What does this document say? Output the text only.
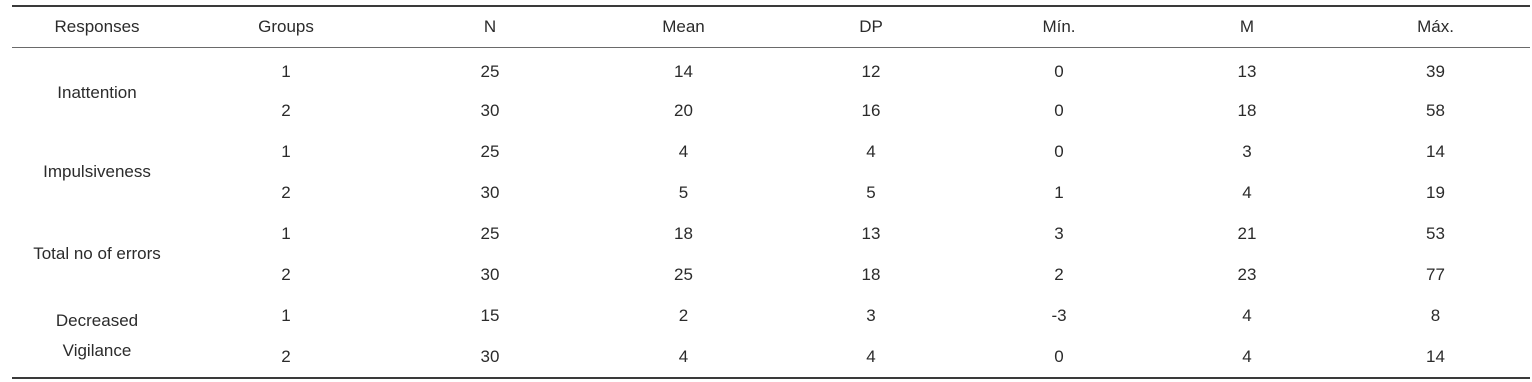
Responses	Groups	N	Mean	DP	Mín.	M	Máx.
Inattention	1	25	14	12	0	13	39
	2	30	20	16	0	18	58
Impulsiveness	1	25	4	4	0	3	14
	2	30	5	5	1	4	19
Total no of errors	1	25	18	13	3	21	53
	2	30	25	18	2	23	77
Decreased Vigilance	1	15	2	3	-3	4	8
	2	30	4	4	0	4	14
